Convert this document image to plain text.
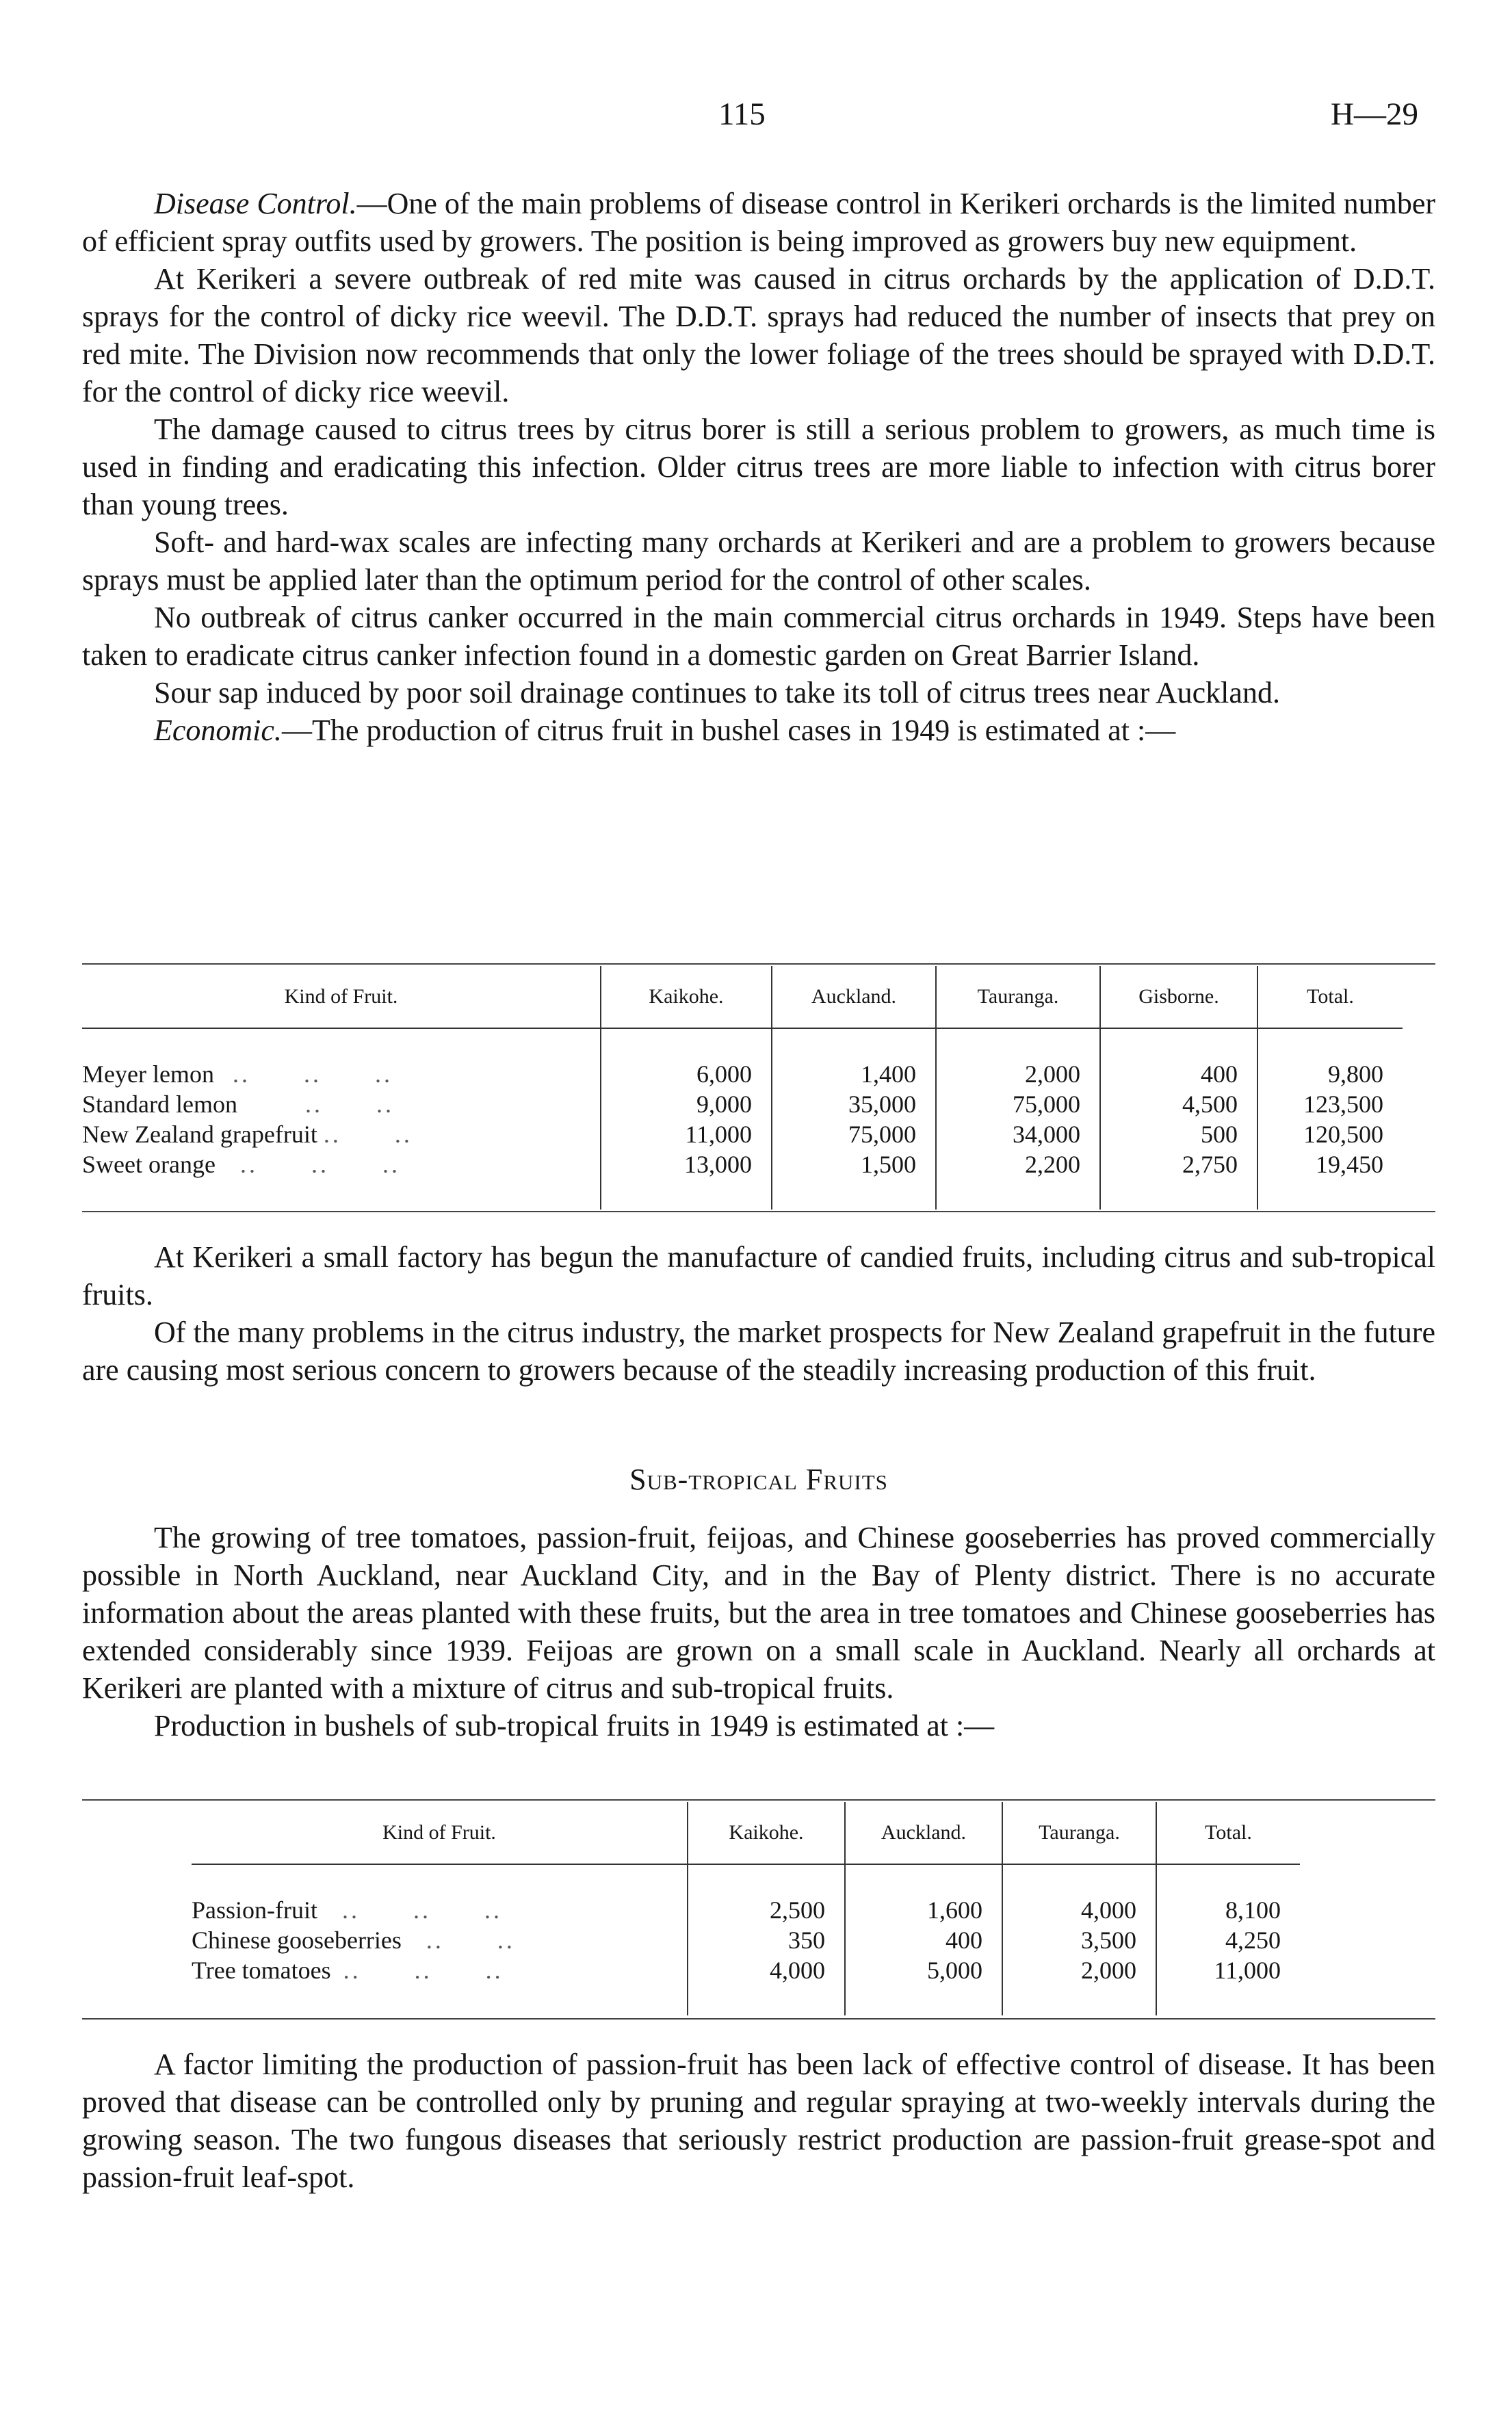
115	H—29

Disease Control.—One of the main problems of disease control in Kerikeri orchards is the limited number of efficient spray outfits used by growers. The position is being improved as growers buy new equipment.

At Kerikeri a severe outbreak of red mite was caused in citrus orchards by the application of D.D.T. sprays for the control of dicky rice weevil. The D.D.T. sprays had reduced the number of insects that prey on red mite. The Division now recommends that only the lower foliage of the trees should be sprayed with D.D.T. for the control of dicky rice weevil.

The damage caused to citrus trees by citrus borer is still a serious problem to growers, as much time is used in finding and eradicating this infection. Older citrus trees are more liable to infection with citrus borer than young trees.

Soft- and hard-wax scales are infecting many orchards at Kerikeri and are a problem to growers because sprays must be applied later than the optimum period for the control of other scales.

No outbreak of citrus canker occurred in the main commercial citrus orchards in 1949. Steps have been taken to eradicate citrus canker infection found in a domestic garden on Great Barrier Island.

Sour sap induced by poor soil drainage continues to take its toll of citrus trees near Auckland.

Economic.—The production of citrus fruit in bushel cases in 1949 is estimated at :—

Kind of Fruit.	Kaikohe.	Auckland.	Tauranga.	Gisborne.	Total.

Meyer lemon ..      ..      ..	6,000	1,400	2,000	400	9,800
Standard lemon ..      ..	9,000	35,000	75,000	4,500	123,500
New Zealand grapefruit ..      ..	11,000	75,000	34,000	500	120,500
Sweet orange ..      ..      ..	13,000	1,500	2,200	2,750	19,450

At Kerikeri a small factory has begun the manufacture of candied fruits, including citrus and sub-tropical fruits.

Of the many problems in the citrus industry, the market prospects for New Zealand grapefruit in the future are causing most serious concern to growers because of the steadily increasing production of this fruit.

Sub-tropical Fruits

The growing of tree tomatoes, passion-fruit, feijoas, and Chinese gooseberries has proved commercially possible in North Auckland, near Auckland City, and in the Bay of Plenty district. There is no accurate information about the areas planted with these fruits, but the area in tree tomatoes and Chinese gooseberries has extended considerably since 1939. Feijoas are grown on a small scale in Auckland. Nearly all orchards at Kerikeri are planted with a mixture of citrus and sub-tropical fruits.

Production in bushels of sub-tropical fruits in 1949 is estimated at :—

Kind of Fruit.	Kaikohe.	Auckland.	Tauranga.	Total.

Passion-fruit ..      ..      ..	2,500	1,600	4,000	8,100
Chinese gooseberries ..      ..	350	400	3,500	4,250
Tree tomatoes ..      ..      ..	4,000	5,000	2,000	11,000

A factor limiting the production of passion-fruit has been lack of effective control of disease. It has been proved that disease can be controlled only by pruning and regular spraying at two-weekly intervals during the growing season. The two fungous diseases that seriously restrict production are passion-fruit grease-spot and passion-fruit leaf-spot.
